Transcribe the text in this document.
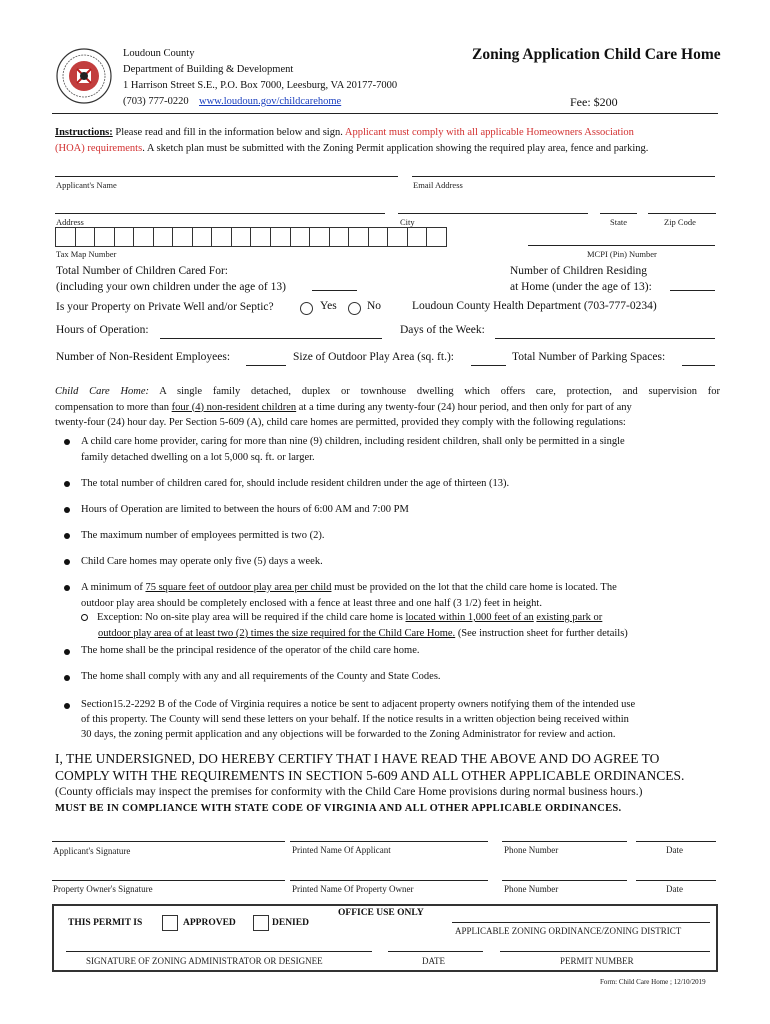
Loudoun County
Department of Building & Development
1 Harrison Street S.E., P.O. Box 7000, Leesburg, VA 20177-7000
(703) 777-0220 www.loudoun.gov/childcarehome
Zoning Application Child Care Home
Fee: $200
Instructions: Please read and fill in the information below and sign. Applicant must comply with all applicable Homeowners Association
(HOA) requirements. A sketch plan must be submitted with the Zoning Permit application showing the required play area, fence and parking.
Applicant's Name	Email Address
Address	City	State	Zip Code
Tax Map Number	MCPI (Pin) Number
Total Number of Children Cared For:
(including your own children under the age of 13)
Number of Children Residing
at Home (under the age of 13):
Is your Property on Private Well and/or Septic?	Yes	No	Loudoun County Health Department (703-777-0234)
Hours of Operation:	Days of the Week:
Number of Non-Resident Employees:	Size of Outdoor Play Area (sq. ft.):	Total Number of Parking Spaces:
Child Care Home: A single family detached, duplex or townhouse dwelling which offers care, protection, and supervision for
compensation to more than four (4) non-resident children at a time during any twenty-four (24) hour period, and then only for part of any
twenty-four (24) hour day. Per Section 5-609 (A), child care homes are permitted, provided they comply with the following regulations:
A child care home provider, caring for more than nine (9) children, including resident children, shall only be permitted in a single
family detached dwelling on a lot 5,000 sq. ft. or larger.
The total number of children cared for, should include resident children under the age of thirteen (13).
Hours of Operation are limited to between the hours of 6:00 AM and 7:00 PM
The maximum number of employees permitted is two (2).
Child Care homes may operate only five (5) days a week.
A minimum of 75 square feet of outdoor play area per child must be provided on the lot that the child care home is located. The
outdoor play area should be completely enclosed with a fence at least three and one half (3 1/2) feet in height.
Exception: No on-site play area will be required if the child care home is located within 1,000 feet of an existing park or
outdoor play area of at least two (2) times the size required for the Child Care Home. (See instruction sheet for further details)
The home shall be the principal residence of the operator of the child care home.
The home shall comply with any and all requirements of the County and State Codes.
Section15.2-2292 B of the Code of Virginia requires a notice be sent to adjacent property owners notifying them of the intended use
of this property. The County will send these letters on your behalf. If the notice results in a written objection being received within
30 days, the zoning permit application and any objections will be forwarded to the Zoning Administrator for review and action.
I, THE UNDERSIGNED, DO HEREBY CERTIFY THAT I HAVE READ THE ABOVE AND DO AGREE TO
COMPLY WITH THE REQUIREMENTS IN SECTION 5-609 AND ALL OTHER APPLICABLE ORDINANCES.
(County officials may inspect the premises for conformity with the Child Care Home provisions during normal business hours.)
MUST BE IN COMPLIANCE WITH STATE CODE OF VIRGINIA AND ALL OTHER APPLICABLE ORDINANCES.
Applicant's Signature	Printed Name Of Applicant	Phone Number	Date
Property Owner's Signature	Printed Name Of Property Owner	Phone Number	Date
THIS PERMIT IS	APPROVED	DENIED
OFFICE USE ONLY
APPLICABLE ZONING ORDINANCE/ZONING DISTRICT
SIGNATURE OF ZONING ADMINISTRATOR OR DESIGNEE	DATE	PERMIT NUMBER
Form: Child Care Home ; 12/10/2019
